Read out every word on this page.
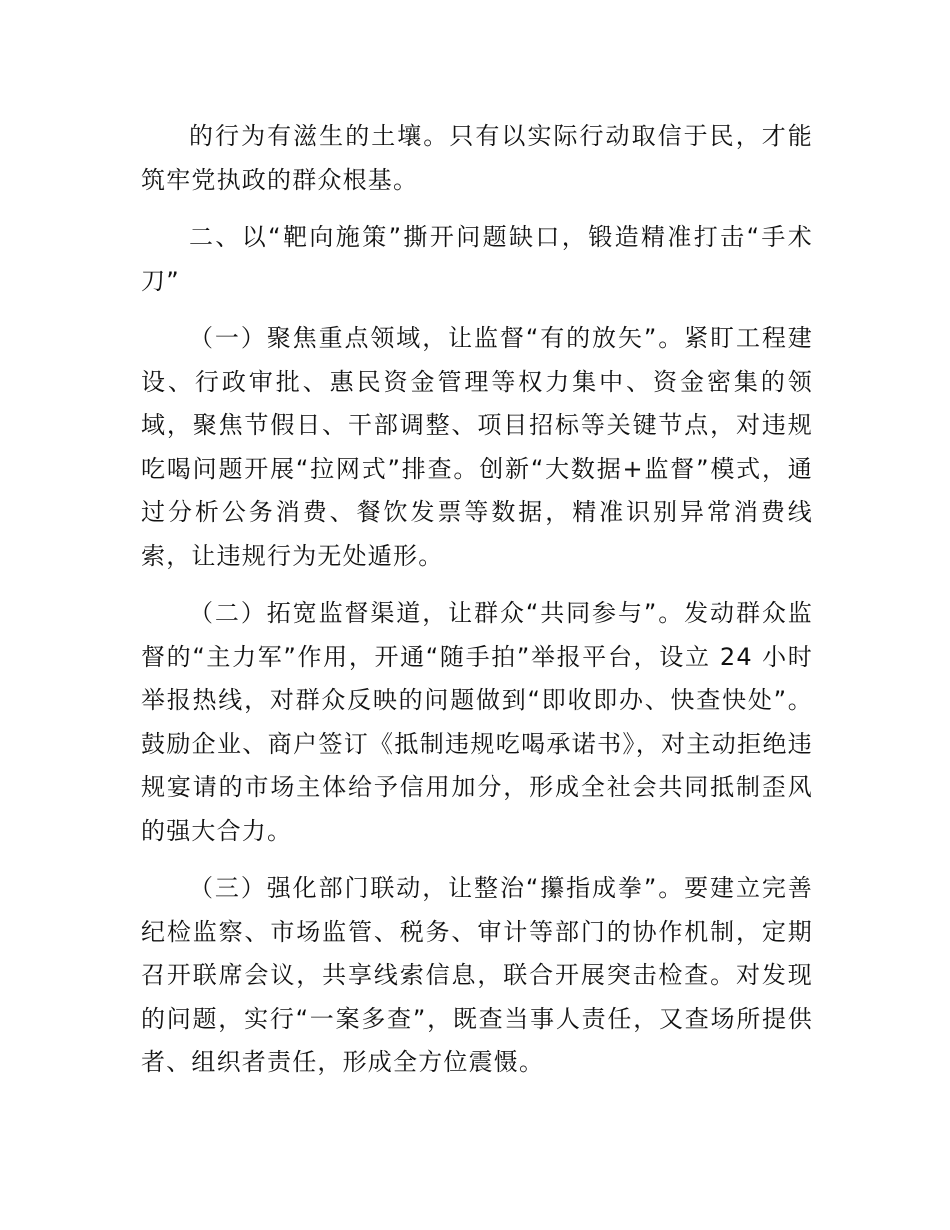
的行为有滋生的土壤。只有以实际行动取信于民，才能筑牢党执政的群众根基。

二、以“靶向施策”撕开问题缺口，锻造精准打击“手术刀”

（一）聚焦重点领域，让监督“有的放矢”。紧盯工程建设、行政审批、惠民资金管理等权力集中、资金密集的领域，聚焦节假日、干部调整、项目招标等关键节点，对违规吃喝问题开展“拉网式”排查。创新“大数据+监督”模式，通过分析公务消费、餐饮发票等数据，精准识别异常消费线索，让违规行为无处遁形。

（二）拓宽监督渠道，让群众“共同参与”。发动群众监督的“主力军”作用，开通“随手拍”举报平台，设立 24 小时举报热线，对群众反映的问题做到“即收即办、快查快处”。鼓励企业、商户签订《抵制违规吃喝承诺书》，对主动拒绝违规宴请的市场主体给予信用加分，形成全社会共同抵制歪风的强大合力。

（三）强化部门联动，让整治“攥指成拳”。要建立完善纪检监察、市场监管、税务、审计等部门的协作机制，定期召开联席会议，共享线索信息，联合开展突击检查。对发现的问题，实行“一案多查”，既查当事人责任，又查场所提供者、组织者责任，形成全方位震慑。
